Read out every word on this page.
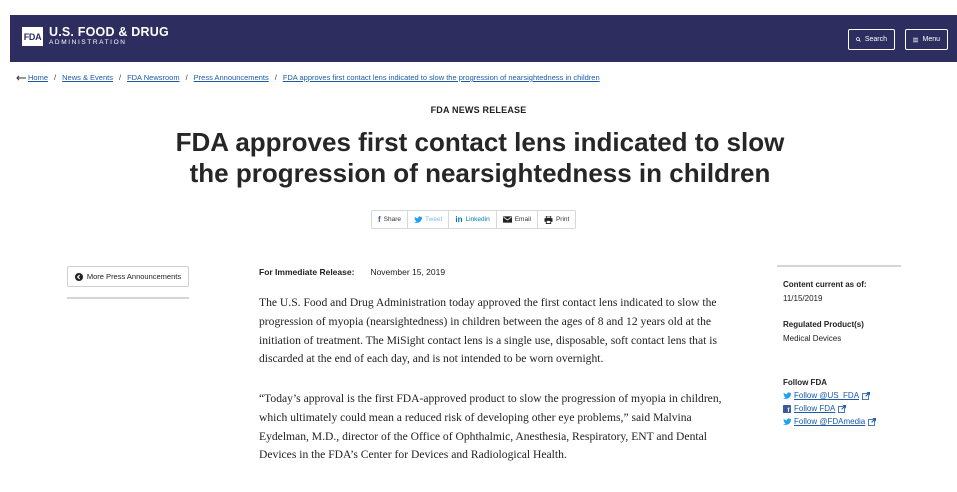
FDA U.S. FOOD & DRUG
ADMINISTRATION	Search	Menu
Home / News & Events / FDA Newsroom / Press Announcements / FDA approves first contact lens indicated to slow the progression of nearsightedness in children
FDA NEWS RELEASE
FDA approves first contact lens indicated to slow the progression of nearsightedness in children
f Share	Tweet in Linkedin	Email	Print
More Press Announcements	For Immediate Release: November 15, 2019

The U.S. Food and Drug Administration today approved the first contact lens indicated to slow the progression of myopia (nearsightedness) in children between the ages of 8 and 12 years old at the initiation of treatment. The MiSight contact lens is a single use, disposable, soft contact lens that is discarded at the end of each day, and is not intended to be worn overnight.

“Today’s approval is the first FDA-approved product to slow the progression of myopia in children, which ultimately could mean a reduced risk of developing other eye problems,” said Malvina Eydelman, M.D., director of the Office of Ophthalmic, Anesthesia, Respiratory, ENT and Dental Devices in the FDA’s Center for Devices and Radiological Health.

Content current as of:
11/15/2019
Regulated Product(s)
Medical Devices
Follow FDA
Follow @US_FDA
f Follow FDA
Follow @FDAmedia
